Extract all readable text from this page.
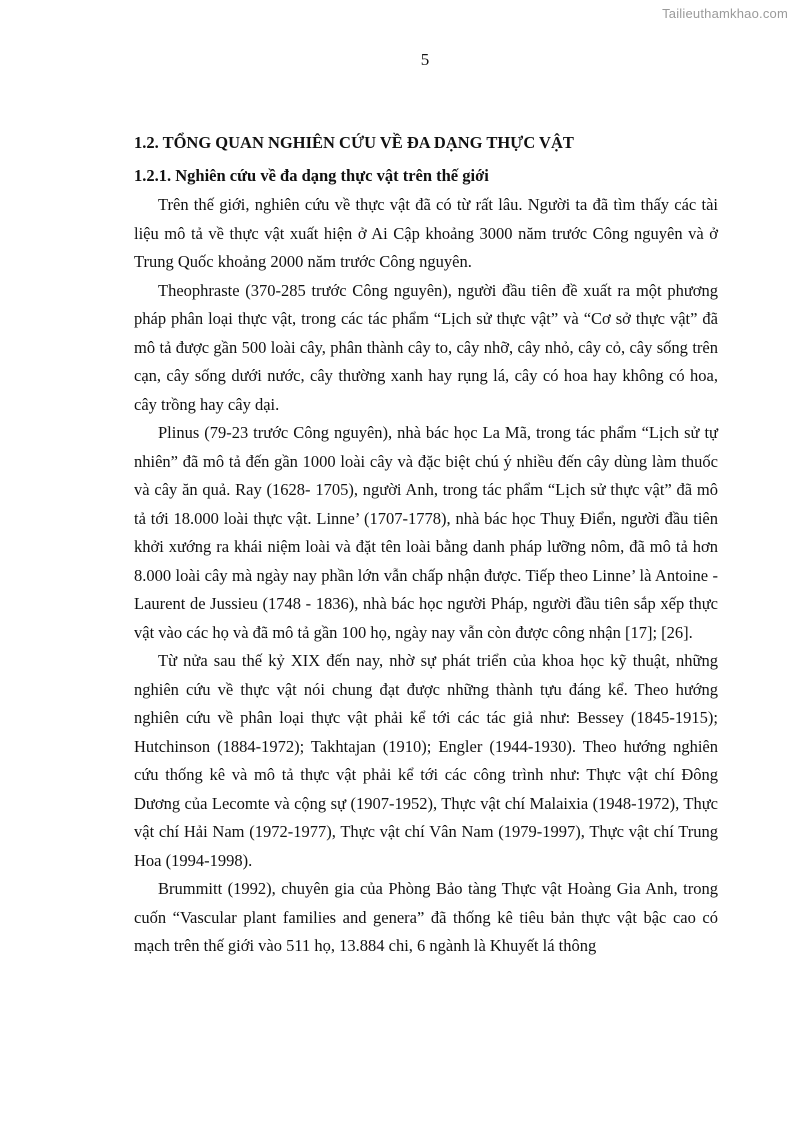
Tailieuthamkhao.com
5
1.2. TỔNG QUAN NGHIÊN CỨU VỀ ĐA DẠNG THỰC VẬT
1.2.1. Nghiên cứu về đa dạng thực vật trên thế giới

Trên thế giới, nghiên cứu về thực vật đã có từ rất lâu. Người ta đã tìm thấy các tài liệu mô tả về thực vật xuất hiện ở Ai Cập khoảng 3000 năm trước Công nguyên và ở Trung Quốc khoảng 2000 năm trước Công nguyên.

Theophraste (370-285 trước Công nguyên), người đầu tiên đề xuất ra một phương pháp phân loại thực vật, trong các tác phẩm “Lịch sử thực vật” và “Cơ sở thực vật” đã mô tả được gần 500 loài cây, phân thành cây to, cây nhỡ, cây nhỏ, cây cỏ, cây sống trên cạn, cây sống dưới nước, cây thường xanh hay rụng lá, cây có hoa hay không có hoa, cây trồng hay cây dại.

Plinus (79-23 trước Công nguyên), nhà bác học La Mã, trong tác phẩm “Lịch sử tự nhiên” đã mô tả đến gần 1000 loài cây và đặc biệt chú ý nhiều đến cây dùng làm thuốc và cây ăn quả. Ray (1628- 1705), người Anh, trong tác phẩm “Lịch sử thực vật” đã mô tả tới 18.000 loài thực vật. Linne’ (1707-1778), nhà bác học Thuỵ Điển, người đầu tiên khởi xướng ra khái niệm loài và đặt tên loài bằng danh pháp lưỡng nôm, đã mô tả hơn 8.000 loài cây mà ngày nay phần lớn vẫn chấp nhận được. Tiếp theo Linne’ là Antoine - Laurent de Jussieu (1748 - 1836), nhà bác học người Pháp, người đầu tiên sắp xếp thực vật vào các họ và đã mô tả gần 100 họ, ngày nay vẫn còn được công nhận [17]; [26].

Từ nửa sau thế kỷ XIX đến nay, nhờ sự phát triển của khoa học kỹ thuật, những nghiên cứu về thực vật nói chung đạt được những thành tựu đáng kể. Theo hướng nghiên cứu về phân loại thực vật phải kể tới các tác giả như: Bessey (1845-1915); Hutchinson (1884-1972); Takhtajan (1910); Engler (1944-1930). Theo hướng nghiên cứu thống kê và mô tả thực vật phải kể tới các công trình như: Thực vật chí Đông Dương của Lecomte và cộng sự (1907-1952), Thực vật chí Malaixia (1948-1972), Thực vật chí Hải Nam (1972-1977), Thực vật chí Vân Nam (1979-1997), Thực vật chí Trung Hoa (1994-1998).

Brummitt (1992), chuyên gia của Phòng Bảo tàng Thực vật Hoàng Gia Anh, trong cuốn “Vascular plant families and genera” đã thống kê tiêu bản thực vật bậc cao có mạch trên thế giới vào 511 họ, 13.884 chi, 6 ngành là Khuyết lá thông
